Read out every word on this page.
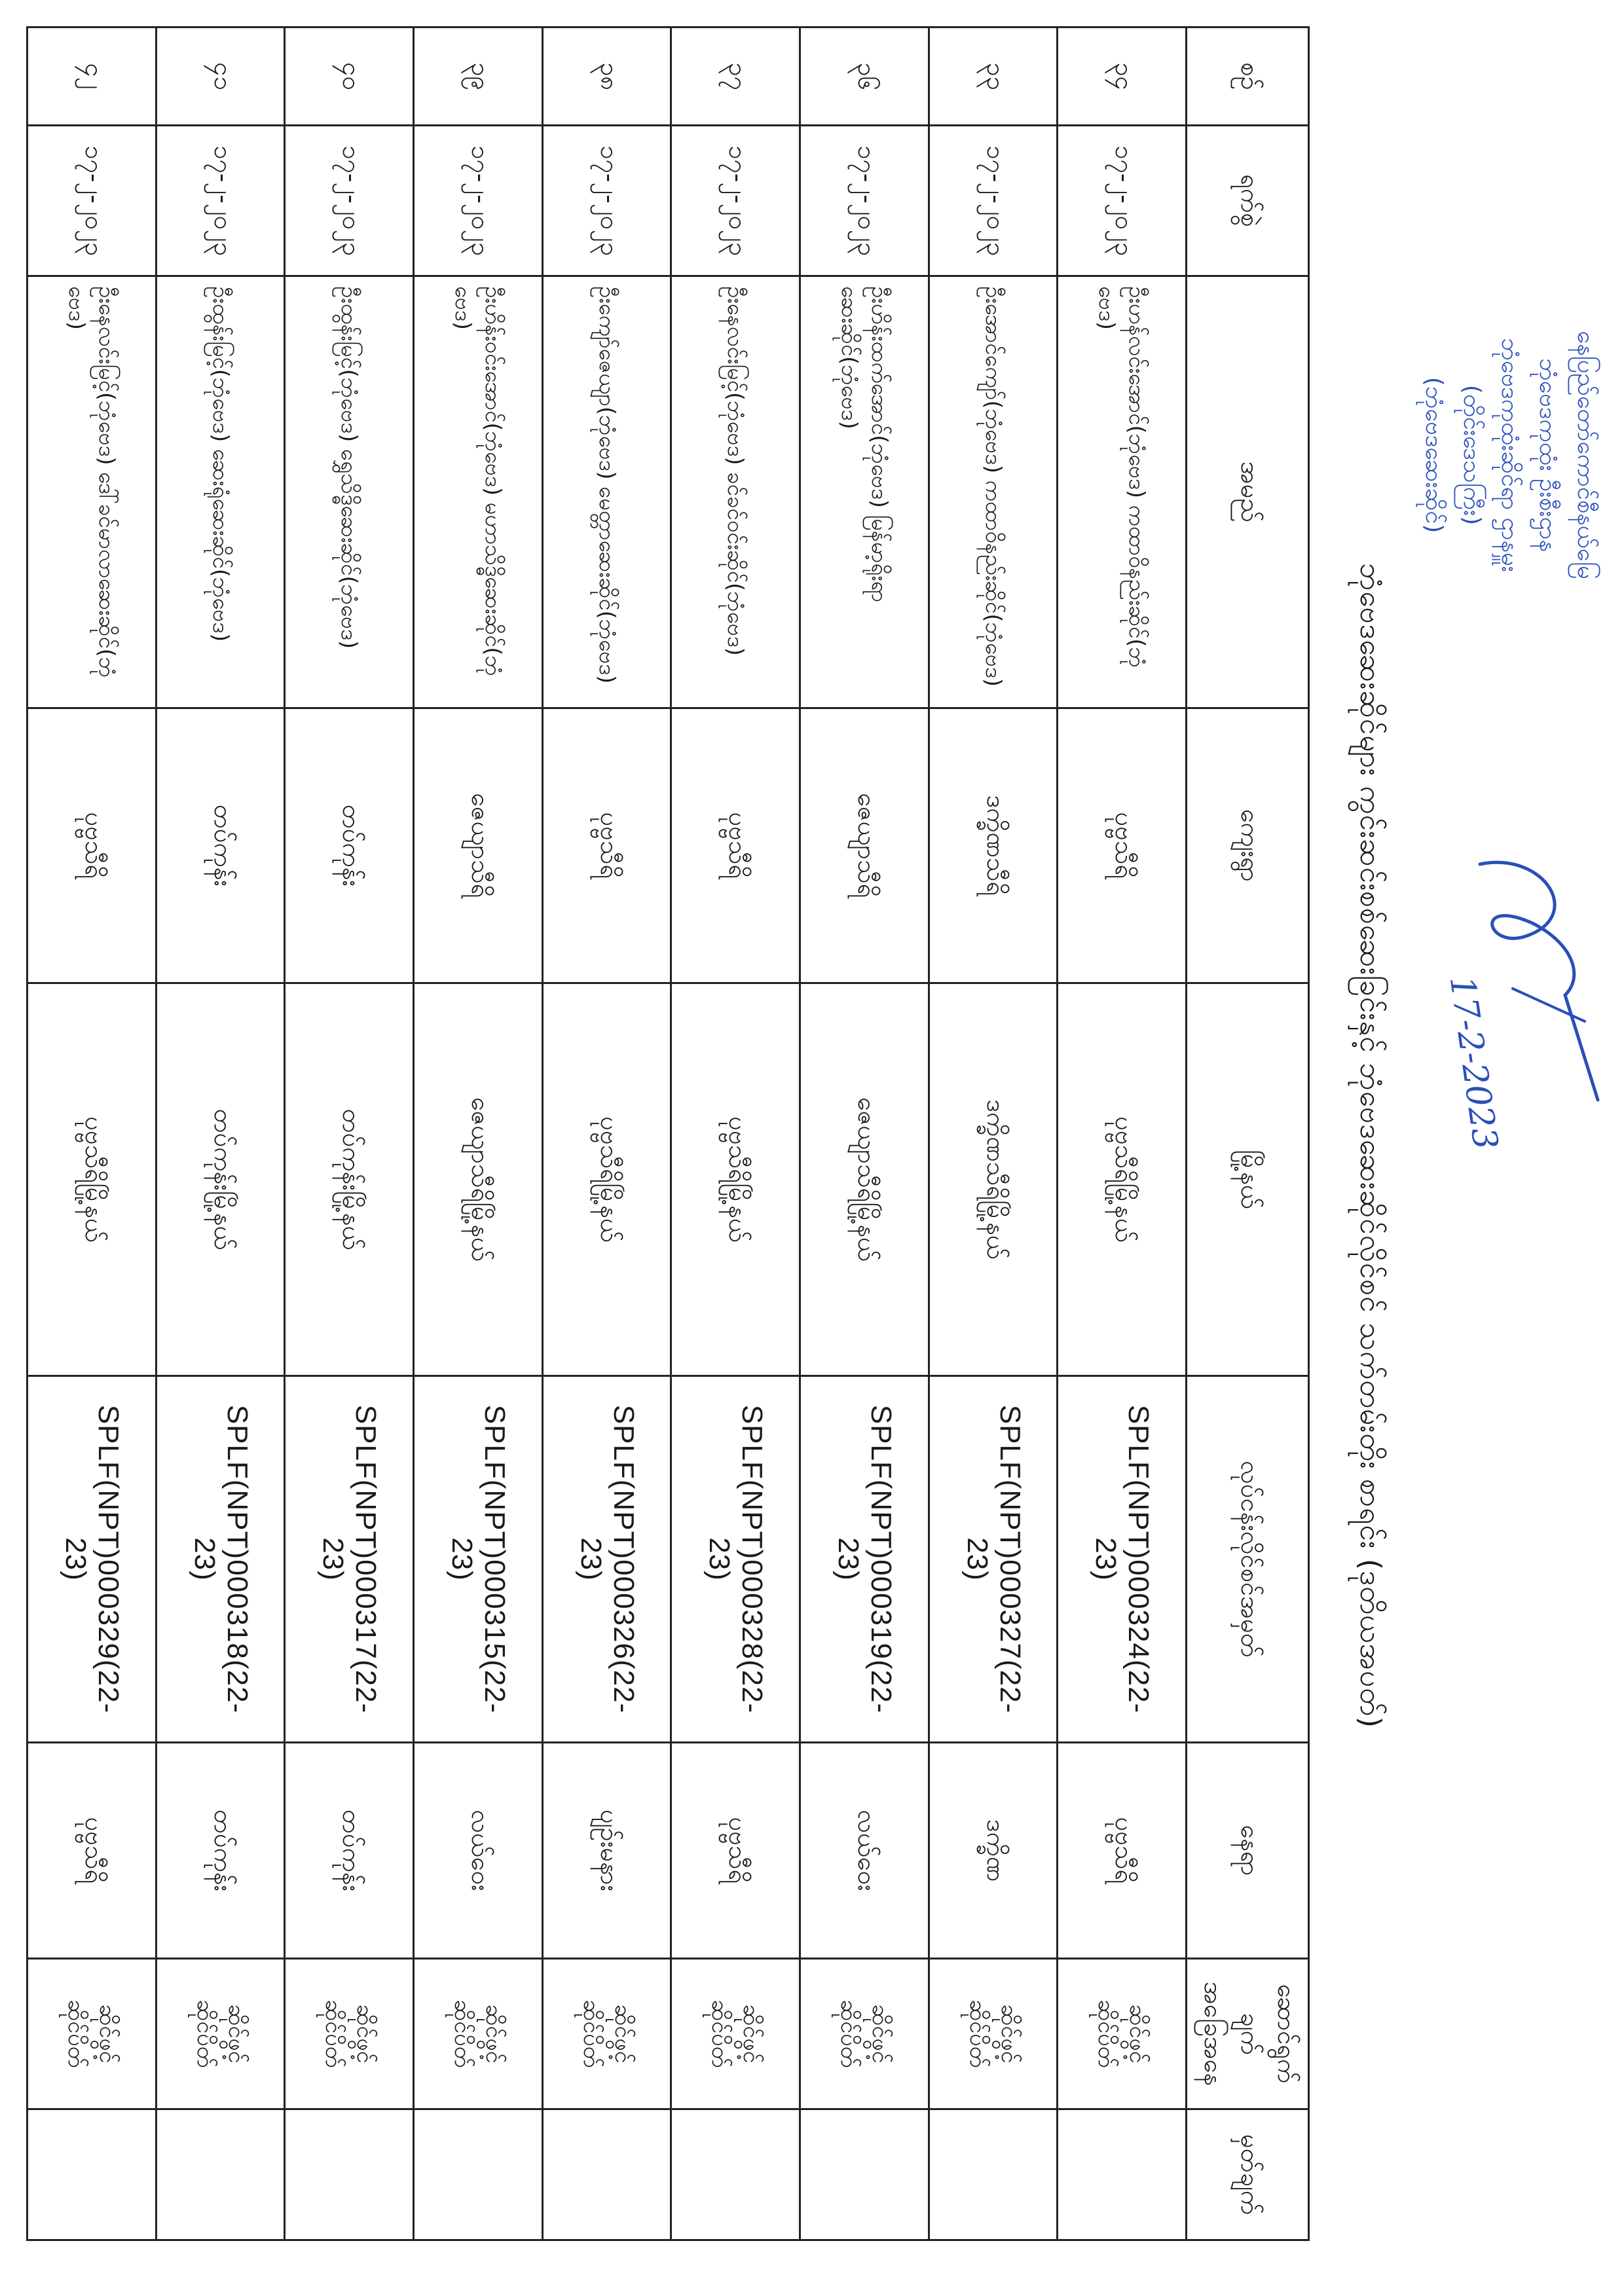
နေပြည်တော်ကောင်စီနယ်မြေ
ဘုံဗေဒကုထုံး ဦးစီးဌာန
ဘုံဗေဒကုထုံးဆိုင်ရာ ဌာနမှူး
(တိုင်းဒေသကြီး)
(ဘုံဗေဒဆေးဆိုင်)
17-2-2023
ဘုံဗေဒဆေးဆိုင်များ ကွင်းဆင်းစစ်ဆေးခြင်းနှင့် ဘုံဗေဒဆေးဆိုင်လိုင်စင် သက်တမ်းတိုး စာရင်း (ဒုတိယအပတ်)
စဉ်	ရက်စွဲ	အမည်	ကျေးရွာ	မြို့နယ်	လုပ်ငန်းလိုင်စင်အမှတ်	နေရာ	ဆောင်ရွက်ချက် အခြေအနေ	မှတ်ချက်
၃၄	၁၇-၂-၂၀၂၃	ဦးဟန်လင်းအောင်(ဘုံဗေဒ) ကထာဝိနည်းဆိုင်(ဘုံဗေဒ)	ပုဗ္ဗသီရိ	ပုဗ္ဗသီရိမြို့နယ်	SPLF(NPT)000324(22-23)	ပုဗ္ဗသီရိ	ဆိုင်ဖွင့် ဆိုင်ပိတ်	
၃၃	၁၇-၂-၂၀၂၃	ဦးအောင်ကျော်(ဘုံဗေဒ) ကထာဝိနည်းဆိုင်(ဘုံဗေဒ)	ဒက္ခိဏသီရိ	ဒက္ခိဏသီရိမြို့နယ်	SPLF(NPT)000327(22-23)	ဒက္ခိဏ	ဆိုင်ဖွင့် ဆိုင်ပိတ်	
၃၆	၁၇-၂-၂၀၂၃	ဦးဟိန်းထက်အောင်(ဘုံဗေဒ) မြန်မာ့ရိုးရာဆေးဆိုင်(ဘုံဗေဒ)	ဇေယျာသီရိ	ဇေယျာသီရိမြို့နယ်	SPLF(NPT)000319(22-23)	လယ်ဝေး	ဆိုင်ဖွင့် ဆိုင်ပိတ်	
၃၇	၁၇-၂-၂၀၂၃	ဦးနေလင်းမြင့်(ဘုံဗေဒ) ခင်ခင်ဝင်းဆိုင်(ဘုံဗေဒ)	ပုဗ္ဗသီရိ	ပုဗ္ဗသီရိမြို့နယ်	SPLF(NPT)000328(22-23)	ပုဗ္ဗသီရိ	ဆိုင်ဖွင့် ဆိုင်ပိတ်	
၃၈	၁၇-၂-၂၀၂၃	ဦးကျော်ဇေယျာ(ဘုံဗေဒ) မေတ္တာဆေးဆိုင်(ဘုံဗေဒ)	ပုဗ္ဗသီရိ	ပုဗ္ဗသီရိမြို့နယ်	SPLF(NPT)000326(22-23)	ပျဉ်းမနား	ဆိုင်ဖွင့် ဆိုင်ပိတ်	
၃၉	၁၇-၂-၂၀၂၃	ဦးဟိန်းဝင်းအောင်(ဘုံဗေဒ) မဟာသိဒ္ဓိဆေးဆိုင်(ဘုံဗေဒ)	ဇေယျာသီရိ	ဇေယျာသီရိမြို့နယ်	SPLF(NPT)000315(22-23)	လယ်ဝေး	ဆိုင်ဖွင့် ဆိုင်ပိတ်	
၄၀	၁၇-၂-၂၀၂၃	ဦးထွန်းမြင့်(ဘုံဗေဒ) ရွှေသိဒ္ဓိဆေးဆိုင်(ဘုံဗေဒ)	တပ်ကုန်း	တပ်ကုန်းမြို့နယ်	SPLF(NPT)000317(22-23)	တပ်ကုန်း	ဆိုင်ဖွင့် ဆိုင်ပိတ်	
၄၁	၁၇-၂-၂၀၂၃	ဦးထွန်းမြင့်(ဘုံဗေဒ) ဆေးရုံဆေးဆိုင်(ဘုံဗေဒ)	တပ်ကုန်း	တပ်ကုန်းမြို့နယ်	SPLF(NPT)000318(22-23)	တပ်ကုန်း	ဆိုင်ဖွင့် ဆိုင်ပိတ်	
၄၂	၁၇-၂-၂၀၂၃	ဦးနေလင်းမြင့်(ဘုံဗေဒ) ဒေါ်ခင်မာလာဆေးဆိုင်(ဘုံဗေဒ)	ပုဗ္ဗသီရိ	ပုဗ္ဗသီရိမြို့နယ်	SPLF(NPT)000329(22-23)	ပုဗ္ဗသီရိ	ဆိုင်ဖွင့် ဆိုင်ပိတ်	
